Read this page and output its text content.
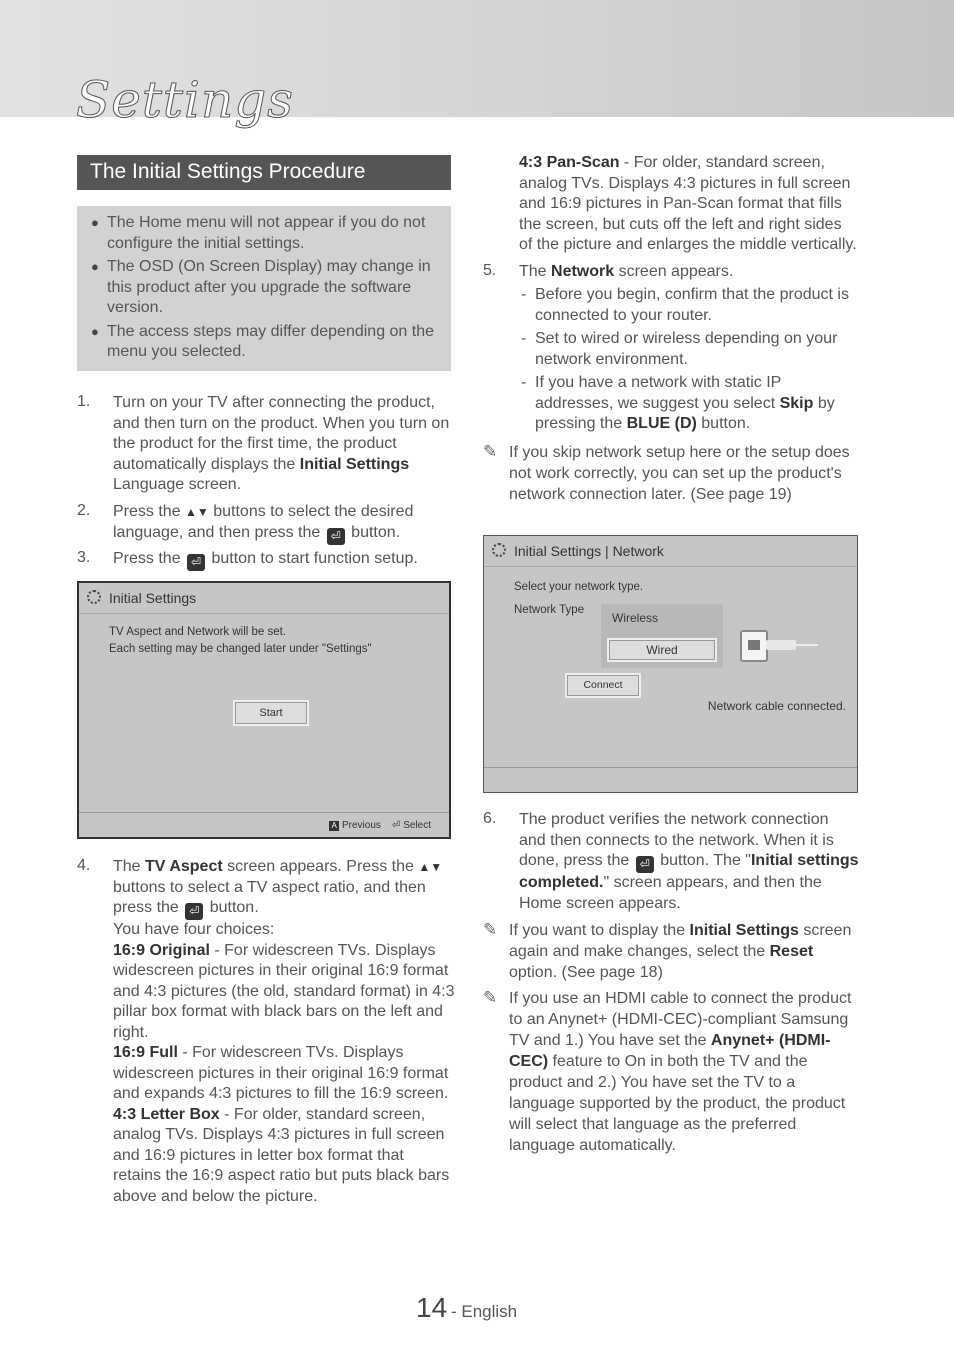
Settings
The Initial Settings Procedure
● The Home menu will not appear if you do not configure the initial settings.
● The OSD (On Screen Display) may change in this product after you upgrade the software version.
● The access steps may differ depending on the menu you selected.
1. Turn on your TV after connecting the product, and then turn on the product. When you turn on the product for the first time, the product automatically displays the Initial Settings Language screen.
2. Press the ▲▼ buttons to select the desired language, and then press the ⏎ button.
3. Press the ⏎ button to start function setup.
Initial Settings
TV Aspect and Network will be set.
Each setting may be changed later under "Settings"
Start
A Previous ⏎ Select
4. The TV Aspect screen appears. Press the ▲▼ buttons to select a TV aspect ratio, and then press the ⏎ button.
You have four choices:
16:9 Original - For widescreen TVs. Displays widescreen pictures in their original 16:9 format and 4:3 pictures (the old, standard format) in 4:3 pillar box format with black bars on the left and right.
16:9 Full - For widescreen TVs. Displays widescreen pictures in their original 16:9 format and expands 4:3 pictures to fill the 16:9 screen.
4:3 Letter Box - For older, standard screen, analog TVs. Displays 4:3 pictures in full screen and 16:9 pictures in letter box format that retains the 16:9 aspect ratio but puts black bars above and below the picture.
4:3 Pan-Scan - For older, standard screen, analog TVs. Displays 4:3 pictures in full screen and 16:9 pictures in Pan-Scan format that fills the screen, but cuts off the left and right sides of the picture and enlarges the middle vertically.
5. The Network screen appears.
- Before you begin, confirm that the product is connected to your router.
- Set to wired or wireless depending on your network environment.
- If you have a network with static IP addresses, we suggest you select Skip by pressing the BLUE (D) button.
✎ If you skip network setup here or the setup does not work correctly, you can set up the product's network connection later. (See page 19)
Initial Settings | Network
Select your network type.
Network Type
Wireless
Wired
Connect
Network cable connected.
6. The product verifies the network connection and then connects to the network. When it is done, press the ⏎ button. The "Initial settings completed." screen appears, and then the Home screen appears.
✎ If you want to display the Initial Settings screen again and make changes, select the Reset option. (See page 18)
✎ If you use an HDMI cable to connect the product to an Anynet+ (HDMI-CEC)-compliant Samsung TV and 1.) You have set the Anynet+ (HDMI-CEC) feature to On in both the TV and the product and 2.) You have set the TV to a language supported by the product, the product will select that language as the preferred language automatically.
14 - English
